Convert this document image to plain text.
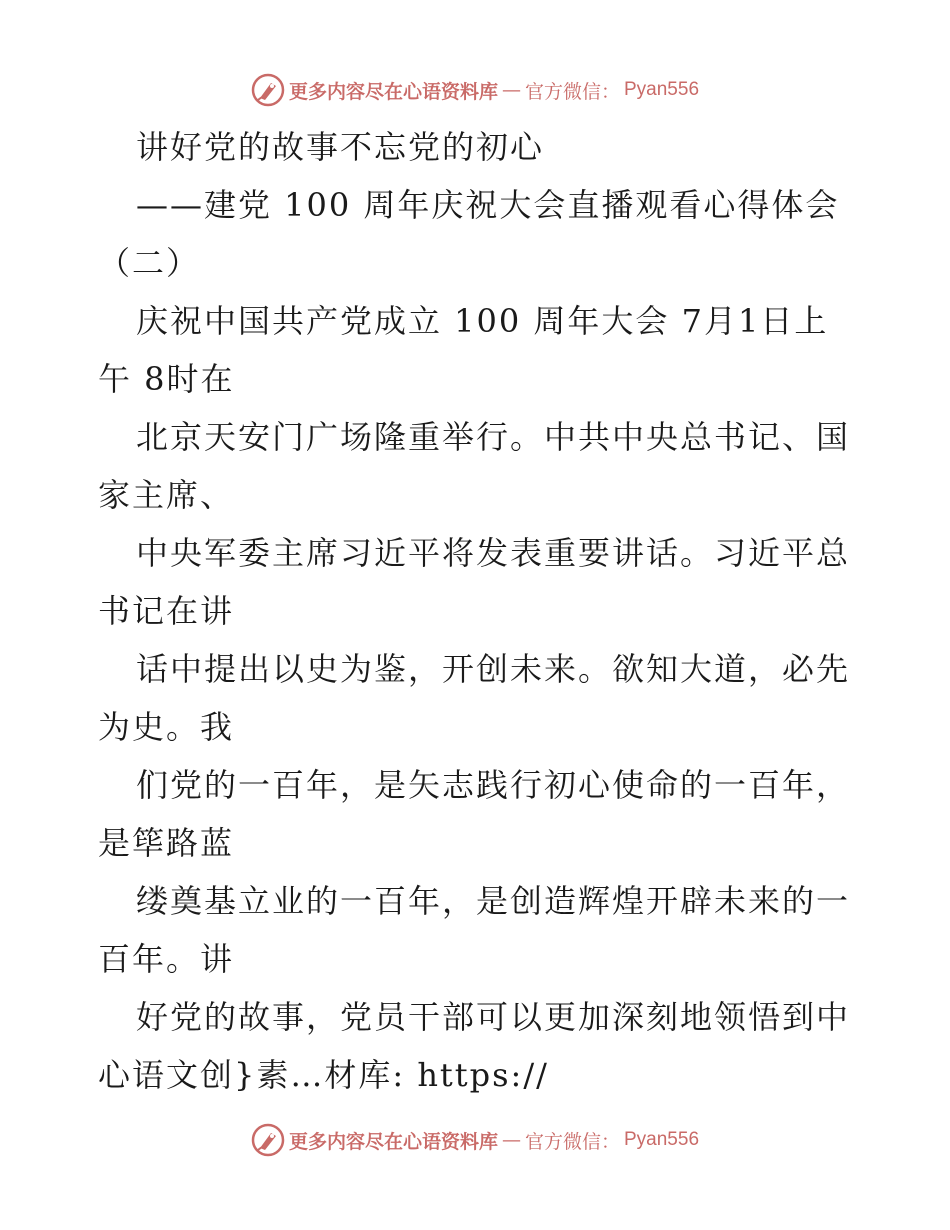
更多内容尽在心语资料库 — 官方微信： Pyan556
讲好党的故事不忘党的初心
——建党 100 周年庆祝大会直播观看心得体会
（二）
庆祝中国共产党成立 100 周年大会 7月1日上
午 8时在
北京天安门广场隆重举行。中共中央总书记、国
家主席、
中央军委主席习近平将发表重要讲话。习近平总
书记在讲
话中提出以史为鉴，开创未来。欲知大道，必先
为史。我
们党的一百年，是矢志践行初心使命的一百年，
是筚路蓝
缕奠基立业的一百年，是创造辉煌开辟未来的一
百年。讲
好党的故事，党员干部可以更加深刻地领悟到中
心语文创}素…材库: https://
更多内容尽在心语资料库 — 官方微信： Pyan556
